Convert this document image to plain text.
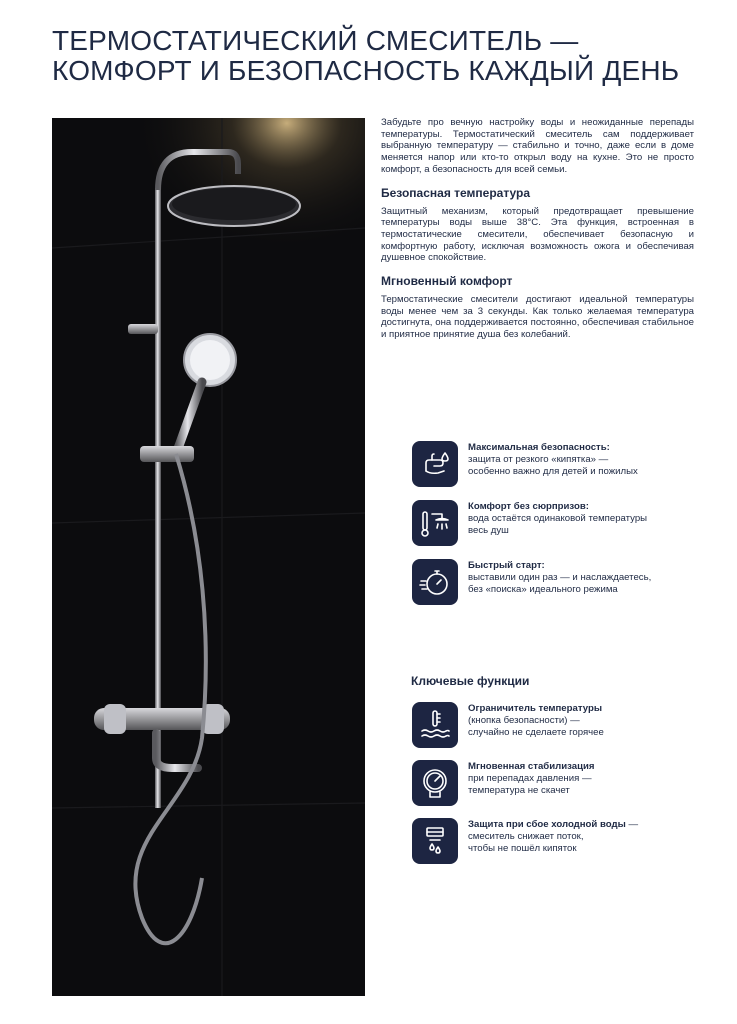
ТЕРМОСТАТИЧЕСКИЙ СМЕСИТЕЛЬ —
КОМФОРТ И БЕЗОПАСНОСТЬ КАЖДЫЙ ДЕНЬ

Забудьте про вечную настройку воды и неожиданные перепады температуры. Термостатический смеситель сам поддерживает выбранную температуру — стабильно и точно, даже если в доме меняется напор или кто-то открыл воду на кухне. Это не просто комфорт, а безопасность для всей семьи.

Безопасная температура

Защитный механизм, который предотвращает превышение температуры воды выше 38°C. Эта функция, встроенная в термостатические смесители, обеспечивает безопасную и комфортную работу, исключая возможность ожога и обеспечивая душевное спокойствие.

Мгновенный комфорт

Термостатические смесители достигают идеальной температуры воды менее чем за 3 секунды. Как только желаемая температура достигнута, она поддерживается постоянно, обеспечивая стабильное и приятное принятие душа без колебаний.

Максимальная безопасность:
защита от резкого «кипятка» —
особенно важно для детей и пожилых
Комфорт без сюрпризов:
вода остаётся одинаковой температуры
весь душ
Быстрый старт:
выставили один раз — и наслаждаетесь,
без «поиска» идеального режима
Ключевые функции
Ограничитель температуры
(кнопка безопасности) —
случайно не сделаете горячее
Мгновенная стабилизация
при перепадах давления —
температура не скачет
Защита при сбое холодной воды —
смеситель снижает поток,
чтобы не пошёл кипяток
